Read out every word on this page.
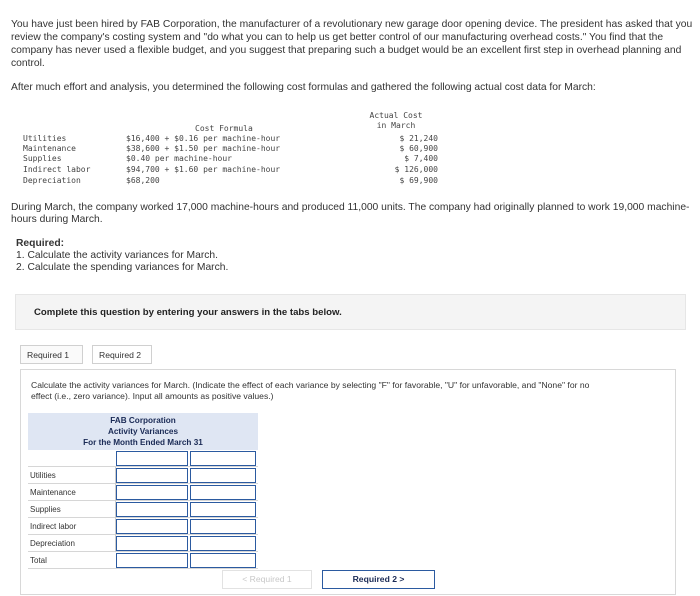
You have just been hired by FAB Corporation, the manufacturer of a revolutionary new garage door opening device. The president has asked that you review the company's costing system and "do what you can to help us get better control of our manufacturing overhead costs." You find that the company has never used a flexible budget, and you suggest that preparing such a budget would be an excellent first step in overhead planning and control.
After much effort and analysis, you determined the following cost formulas and gathered the following actual cost data for March:
Cost Formula
Actual Cost
in March
Utilities	$16,400 + $0.16 per machine-hour	$ 21,240
Maintenance	$38,600 + $1.50 per machine-hour	$ 60,900
Supplies	$0.40 per machine-hour	$ 7,400
Indirect labor	$94,700 + $1.60 per machine-hour	$ 126,000
Depreciation	$68,200	$ 69,900
During March, the company worked 17,000 machine-hours and produced 11,000 units. The company had originally planned to work 19,000 machine-hours during March.
Required:
1. Calculate the activity variances for March.
2. Calculate the spending variances for March.
Complete this question by entering your answers in the tabs below.
Required 1	Required 2
Calculate the activity variances for March. (Indicate the effect of each variance by selecting "F" for favorable, "U" for unfavorable, and "None" for no effect (i.e., zero variance). Input all amounts as positive values.)
FAB Corporation
Activity Variances
For the Month Ended March 31
Utilities
Maintenance
Supplies
Indirect labor
Depreciation
Total
< Required 1	Required 2 >
